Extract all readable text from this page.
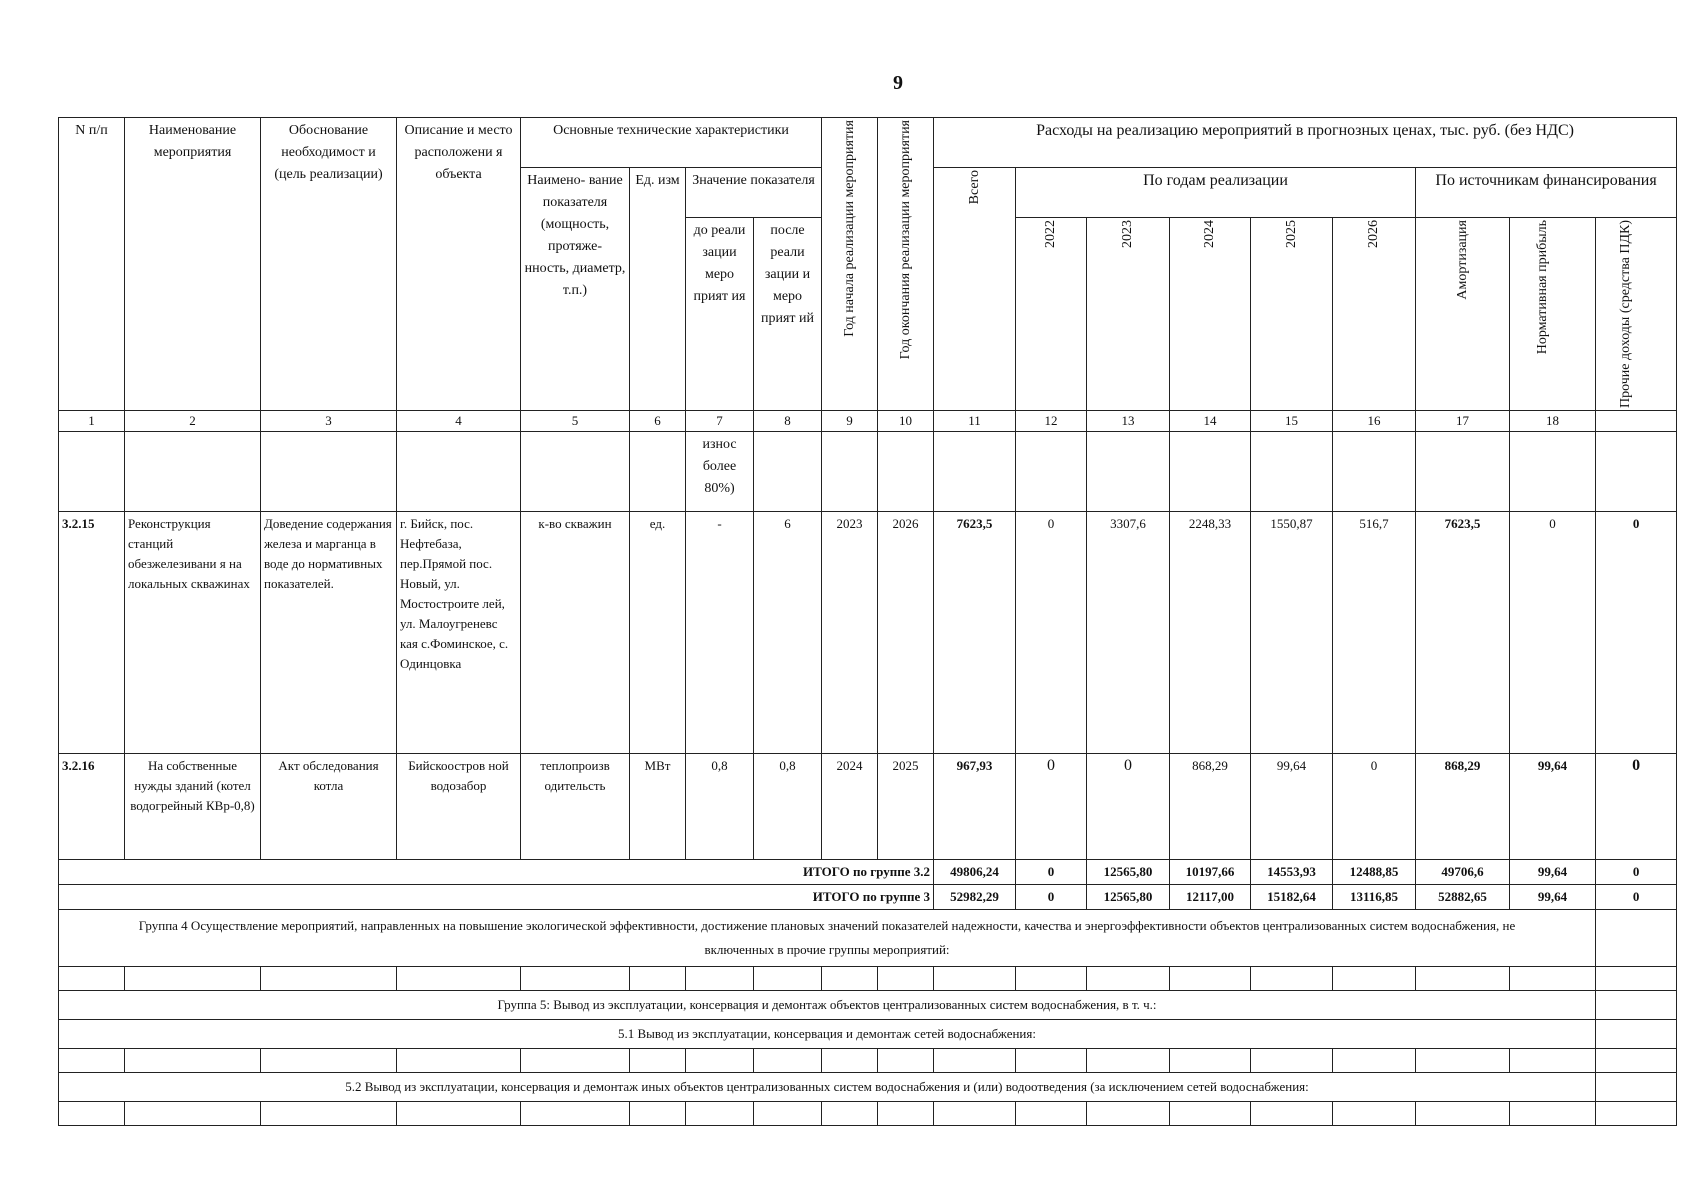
9
N п/п	Наименование мероприятия	Обоснование необходимост и (цель реализации)	Описание и место расположени я объекта	Основные технические характеристики				Год начала реализации мероприятия	Год окончания реализации мероприятия	Расходы на реализацию мероприятий в прогнозных ценах, тыс. руб. (без НДС)								
				Наимено- вание показателя (мощность, протяже- нность, диаметр, т.п.)	Ед. изм	Значение показателя				Всего	По годам реализации					По источникам финансирования		
						до реали зации меро прият ия	после реали зации и меро прият ий				2022	2023	2024	2025	2026	Амортизация	Нормативная прибыль	Прочие доходы (средства ПДК)

1	2	3	4	5	6	7	8	9	10	11	12	13	14	15	16	17	18	
						износ более 80%)												
3.2.15	Реконструкция станций обезжелезивани я на локальных скважинах	Доведение содержания железа и марганца в воде до нормативных показателей.	г. Бийск, пос. Нефтебаза, пер.Прямой пос. Новый, ул. Мостостроите лей, ул. Малоугреневс кая с.Фоминское, с. Одинцовка	к-во скважин	ед.	-	6	2023	2026	7623,5	0	3307,6	2248,33	1550,87	516,7	7623,5	0	0
3.2.16	На собственные нужды зданий (котел водогрейный КВр-0,8)	Акт обследования котла	Бийскоостров ной водозабор	теплопроизв одительсть	МВт	0,8	0,8	2024	2025	967,93	0	0	868,29	99,64	0	868,29	99,64	0
ИТОГО по группе 3.2										49806,24	0	12565,80	10197,66	14553,93	12488,85	49706,6	99,64	0
ИТОГО по группе 3										52982,29	0	12565,80	12117,00	15182,64	13116,85	52882,65	99,64	0
Группа 4 Осуществление мероприятий, направленных на повышение экологической эффективности, достижение плановых значений показателей надежности, качества и энергоэффективности объектов централизованных систем водоснабжения, не включенных в прочие группы мероприятий:																		

Группа 5: Вывод из эксплуатации, консервация и демонтаж объектов централизованных систем водоснабжения, в т. ч.:																		
5.1 Вывод из эксплуатации, консервация и демонтаж сетей водоснабжения:																		

5.2 Вывод из эксплуатации, консервация и демонтаж иных объектов централизованных систем водоснабжения и (или) водоотведения (за исключением сетей водоснабжения:																		
